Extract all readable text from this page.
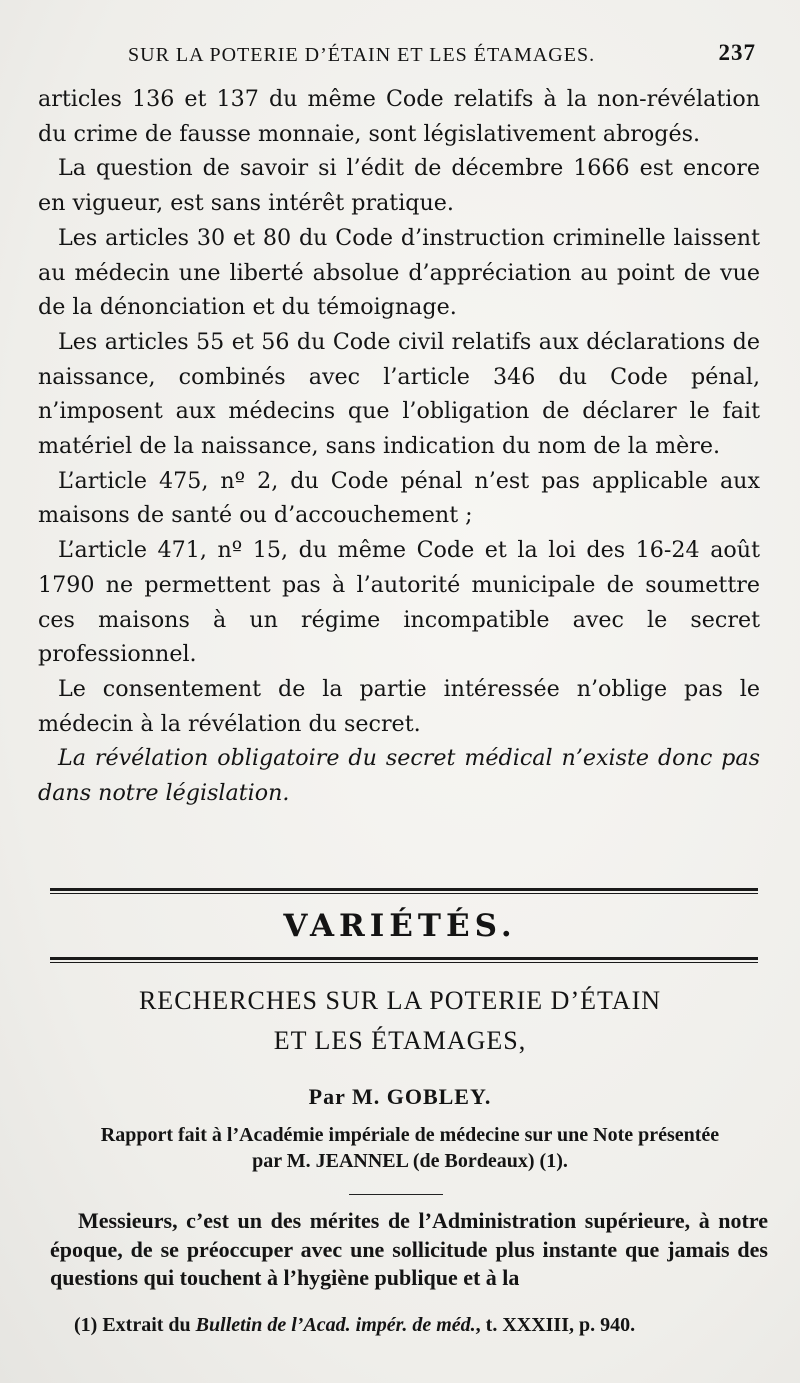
SUR LA POTERIE D’ÉTAIN ET LES ÉTAMAGES.	237

articles 136 et 137 du même Code relatifs à la non-révélation du crime de fausse monnaie, sont législativement abrogés.

La question de savoir si l’édit de décembre 1666 est encore en vigueur, est sans intérêt pratique.

Les articles 30 et 80 du Code d’instruction criminelle laissent au médecin une liberté absolue d’appréciation au point de vue de la dénonciation et du témoignage.

Les articles 55 et 56 du Code civil relatifs aux déclarations de naissance, combinés avec l’article 346 du Code pénal, n’imposent aux médecins que l’obligation de déclarer le fait matériel de la naissance, sans indication du nom de la mère.

L’article 475, nº 2, du Code pénal n’est pas applicable aux maisons de santé ou d’accouchement ;

L’article 471, nº 15, du même Code et la loi des 16-24 août 1790 ne permettent pas à l’autorité municipale de soumettre ces maisons à un régime incompatible avec le secret professionnel.

Le consentement de la partie intéressée n’oblige pas le médecin à la révélation du secret.

La révélation obligatoire du secret médical n’existe donc pas dans notre législation.

VARIÉTÉS.
RECHERCHES SUR LA POTERIE D’ÉTAIN
ET LES ÉTAMAGES,
Par M. GOBLEY.
Rapport fait à l’Académie impériale de médecine sur une Note présentée
par M. JEANNEL (de Bordeaux) (1).

Messieurs, c’est un des mérites de l’Administration supérieure, à notre époque, de se préoccuper avec une sollicitude plus instante que jamais des questions qui touchent à l’hygiène publique et à la

(1) Extrait du Bulletin de l’Acad. impér. de méd., t. XXXIII, p. 940.
